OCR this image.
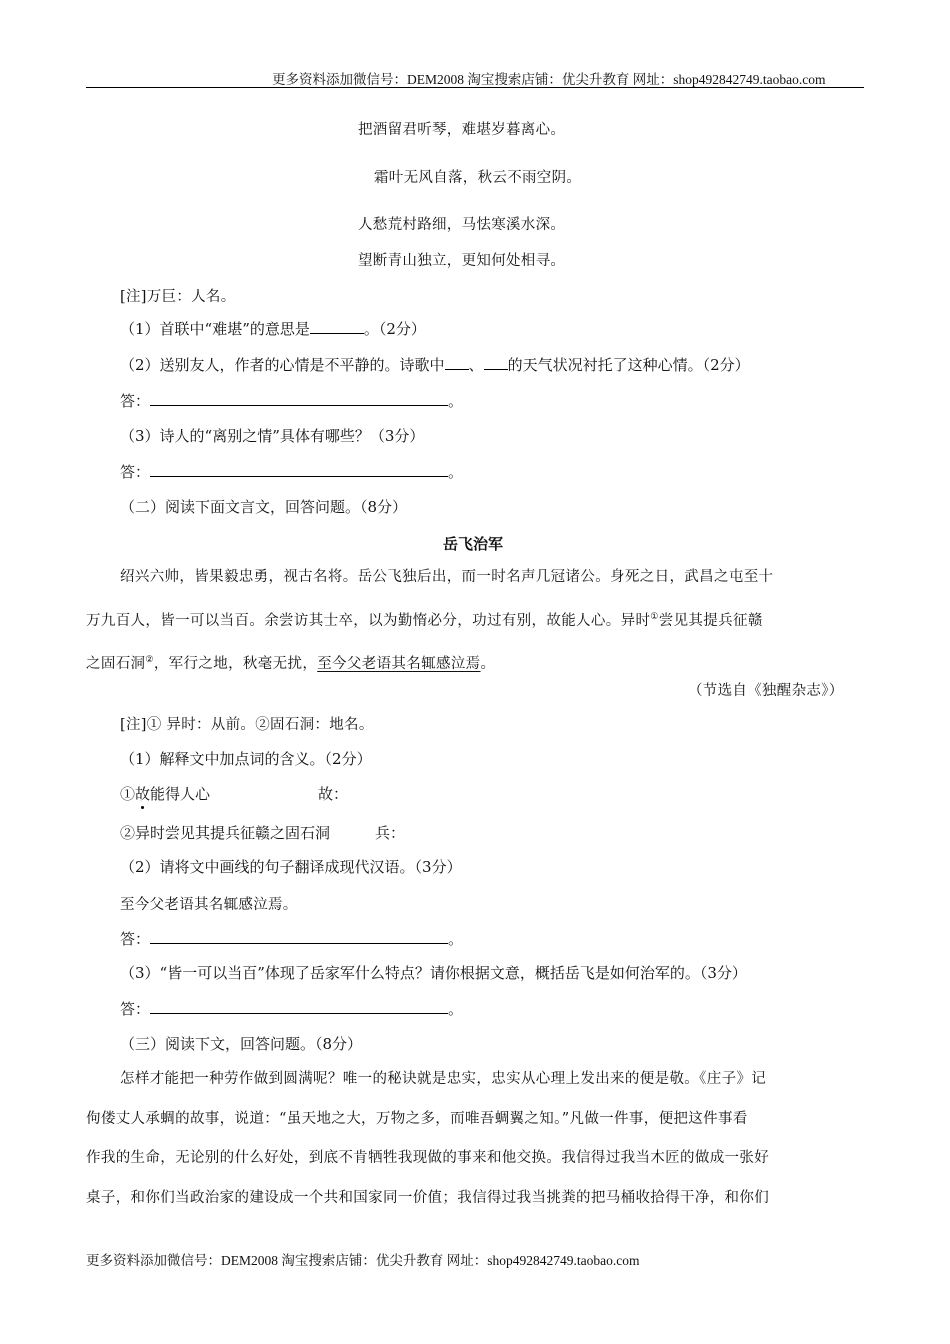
更多资料添加微信号：DEM2008 淘宝搜索店铺：优尖升教育 网址：shop492842749.taobao.com
把酒留君听琴，难堪岁暮离心。
霜叶无风自落，秋云不雨空阴。
人愁荒村路细，马怯寒溪水深。
望断青山独立，更知何处相寻。
[注]万巨：人名。
（1）首联中“难堪”的意思是	。（2分）
（2）送别友人，作者的心情是不平静的。诗歌中 、 的天气状况衬托了这种心情。（2分）
答：	。
（3）诗人的“离别之情”具体有哪些？（3分）
答：	。
（二）阅读下面文言文，回答问题。（8分）
岳飞治军
绍兴六帅，皆果毅忠勇，视古名将。岳公飞独后出，而一时名声几冠诸公。身死之日，武昌之屯至十
万九百人，皆一可以当百。余尝访其士卒，以为勤惰必分，功过有别，故能人心。异时①尝见其提兵征赣
之固石洞②，军行之地，秋毫无扰，至今父老语其名辄感泣焉。
（节选自《独醒杂志》）
[注]① 异时：从前。②固石洞：地名。
（1）解释文中加点词的含义。（2分）
①故能得人心	故：
②异时尝见其提兵征赣之固石洞	兵：
（2）请将文中画线的句子翻译成现代汉语。（3分）
至今父老语其名辄感泣焉。
答：	。
（3）“皆一可以当百”体现了岳家军什么特点？请你根据文意，概括岳飞是如何治军的。（3分）
答：	。
（三）阅读下文，回答问题。（8分）
怎样才能把一种劳作做到圆满呢？唯一的秘诀就是忠实，忠实从心理上发出来的便是敬。《庄子》记
佝偻丈人承蜩的故事，说道：“虽天地之大，万物之多，而唯吾蜩翼之知。”凡做一件事，便把这件事看
作我的生命，无论别的什么好处，到底不肯牺牲我现做的事来和他交换。我信得过我当木匠的做成一张好
桌子，和你们当政治家的建设成一个共和国家同一价值；我信得过我当挑粪的把马桶收拾得干净，和你们
更多资料添加微信号：DEM2008 淘宝搜索店铺：优尖升教育 网址：shop492842749.taobao.com
